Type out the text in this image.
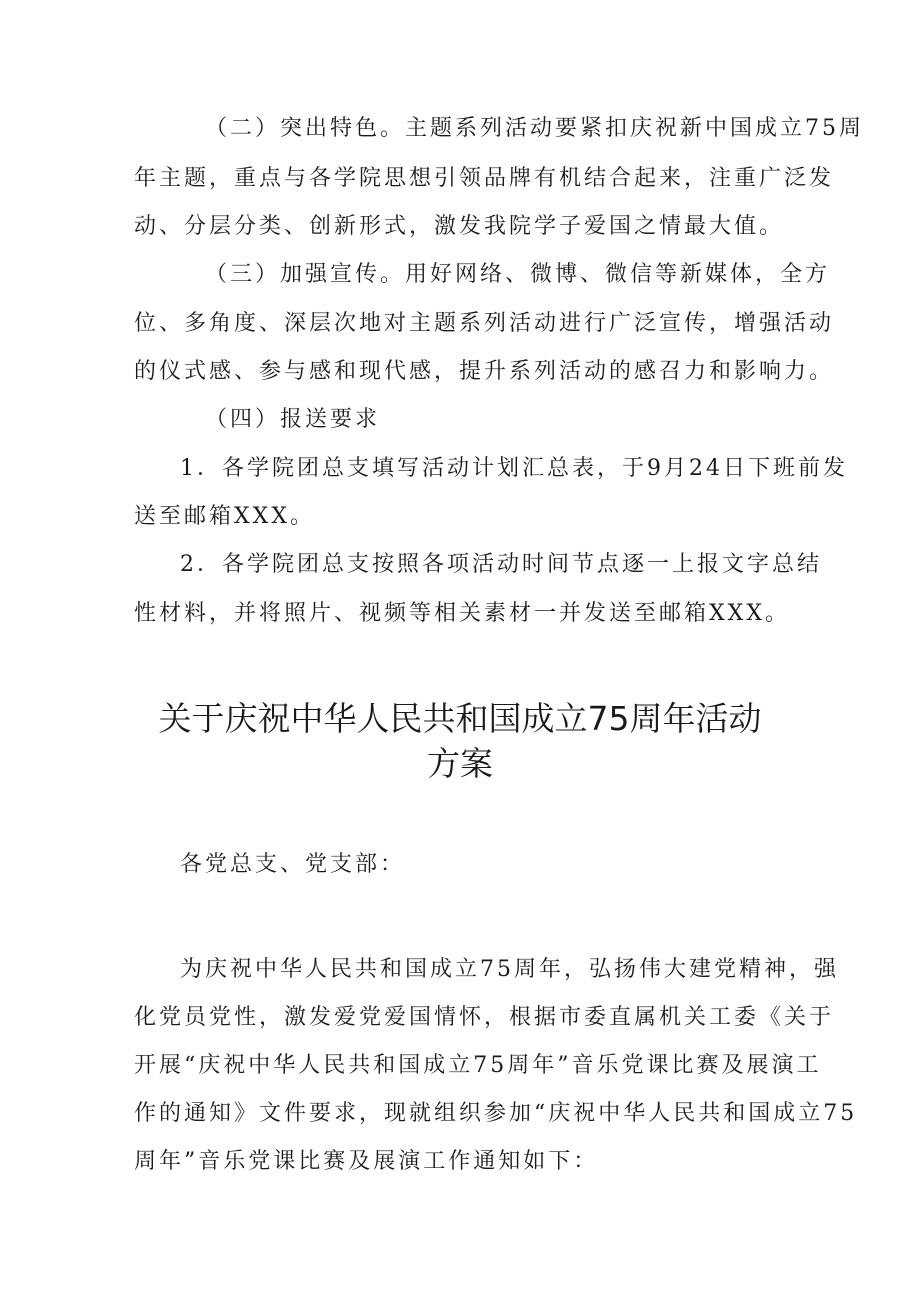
（二）突出特色。主题系列活动要紧扣庆祝新中国成立75周
年主题，重点与各学院思想引领品牌有机结合起来，注重广泛发
动、分层分类、创新形式，激发我院学子爱国之情最大值。
（三）加强宣传。用好网络、微博、微信等新媒体，全方
位、多角度、深层次地对主题系列活动进行广泛宣传，增强活动
的仪式感、参与感和现代感，提升系列活动的感召力和影响力。
（四）报送要求
1．各学院团总支填写活动计划汇总表，于9月24日下班前发
送至邮箱XXX。
2．各学院团总支按照各项活动时间节点逐一上报文字总结
性材料，并将照片、视频等相关素材一并发送至邮箱XXX。
关于庆祝中华人民共和国成立75周年活动
方案
各党总支、党支部：
为庆祝中华人民共和国成立75周年，弘扬伟大建党精神，强
化党员党性，激发爱党爱国情怀，根据市委直属机关工委《关于
开展“庆祝中华人民共和国成立75周年”音乐党课比赛及展演工
作的通知》文件要求，现就组织参加“庆祝中华人民共和国成立75
周年”音乐党课比赛及展演工作通知如下：
